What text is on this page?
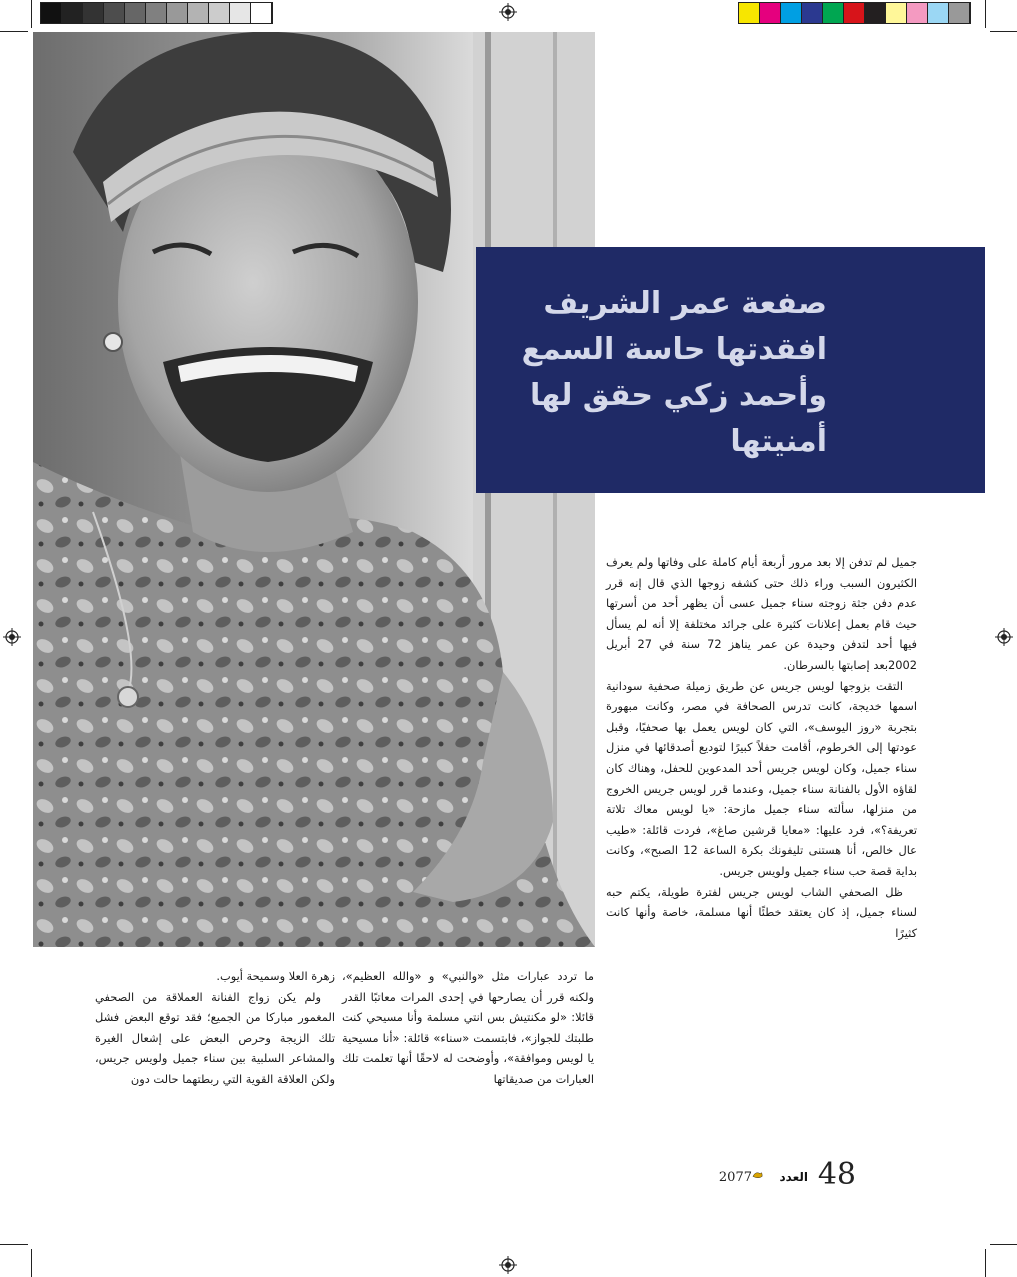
صفعة عمر الشريف
افقدتها حاسة السمع
وأحمد زكي حقق لها
أمنيتها

جميل لم تدفن إلا بعد مرور أربعة أيام كاملة على وفاتها ولم يعرف الكثيرون السبب وراء ذلك حتى كشفه زوجها الذي قال إنه قرر عدم دفن جثة زوجته سناء جميل عسى أن يظهر أحد من أسرتها حيث قام بعمل إعلانات كثيرة على جرائد مختلفة إلا أنه لم يسأل فيها أحد لتدفن وحيدة عن عمر يناهز 72 سنة في 27 أبريل 2002بعد إصابتها بالسرطان.

التقت بزوجها لويس جريس عن طريق زميلة صحفية سودانية اسمها خديجة، كانت تدرس الصحافة في مصر، وكانت مبهورة بتجربة «روز اليوسف»، التي كان لويس يعمل بها صحفيًا، وقبل عودتها إلى الخرطوم، أقامت حفلاً كبيرًا لتوديع أصدقائها في منزل سناء جميل، وكان لويس جريس أحد المدعوين للحفل، وهناك كان لقاؤه الأول بالفنانة سناء جميل، وعندما قرر لويس جريس الخروج من منزلها، سألته سناء جميل مازحة: «يا لويس معاك تلاتة تعريفة؟»، فرد عليها: «معايا قرشين صاغ»، فردت قائلة: «طيب عال خالص، أنا هستنى تليفونك بكرة الساعة 12 الصبح»، وكانت بداية قصة حب سناء جميل ولويس جريس.

ظل الصحفي الشاب لويس جريس لفترة طويلة، يكتم حبه لسناء جميل، إذ كان يعتقد خطئًا أنها مسلمة، خاصة وأنها كانت كثيرًا

ما تردد عبارات مثل «والنبي» و «والله العظيم»، ولكنه قرر أن يصارحها في إحدى المرات معاتبًا القدر قائلا: «لو مكنتيش بس انتي مسلمة وأنا مسيحي كنت طلبتك للجواز»، فابتسمت «سناء» قائلة: «أنا مسيحية يا لويس وموافقة»، وأوضحت له لاحقًا أنها تعلمت تلك العبارات من صديقاتها

زهرة العلا وسميحة أيوب.

ولم يكن زواج الفنانة العملاقة من الصحفي المغمور مباركا من الجميع؛ فقد توقع البعض فشل تلك الزيجة وحرص البعض على إشعال الغيرة والمشاعر السلبية بين سناء جميل ولويس جريس، ولكن العلاقة القوية التي ربطتهما حالت دون

48
العدد
2077
